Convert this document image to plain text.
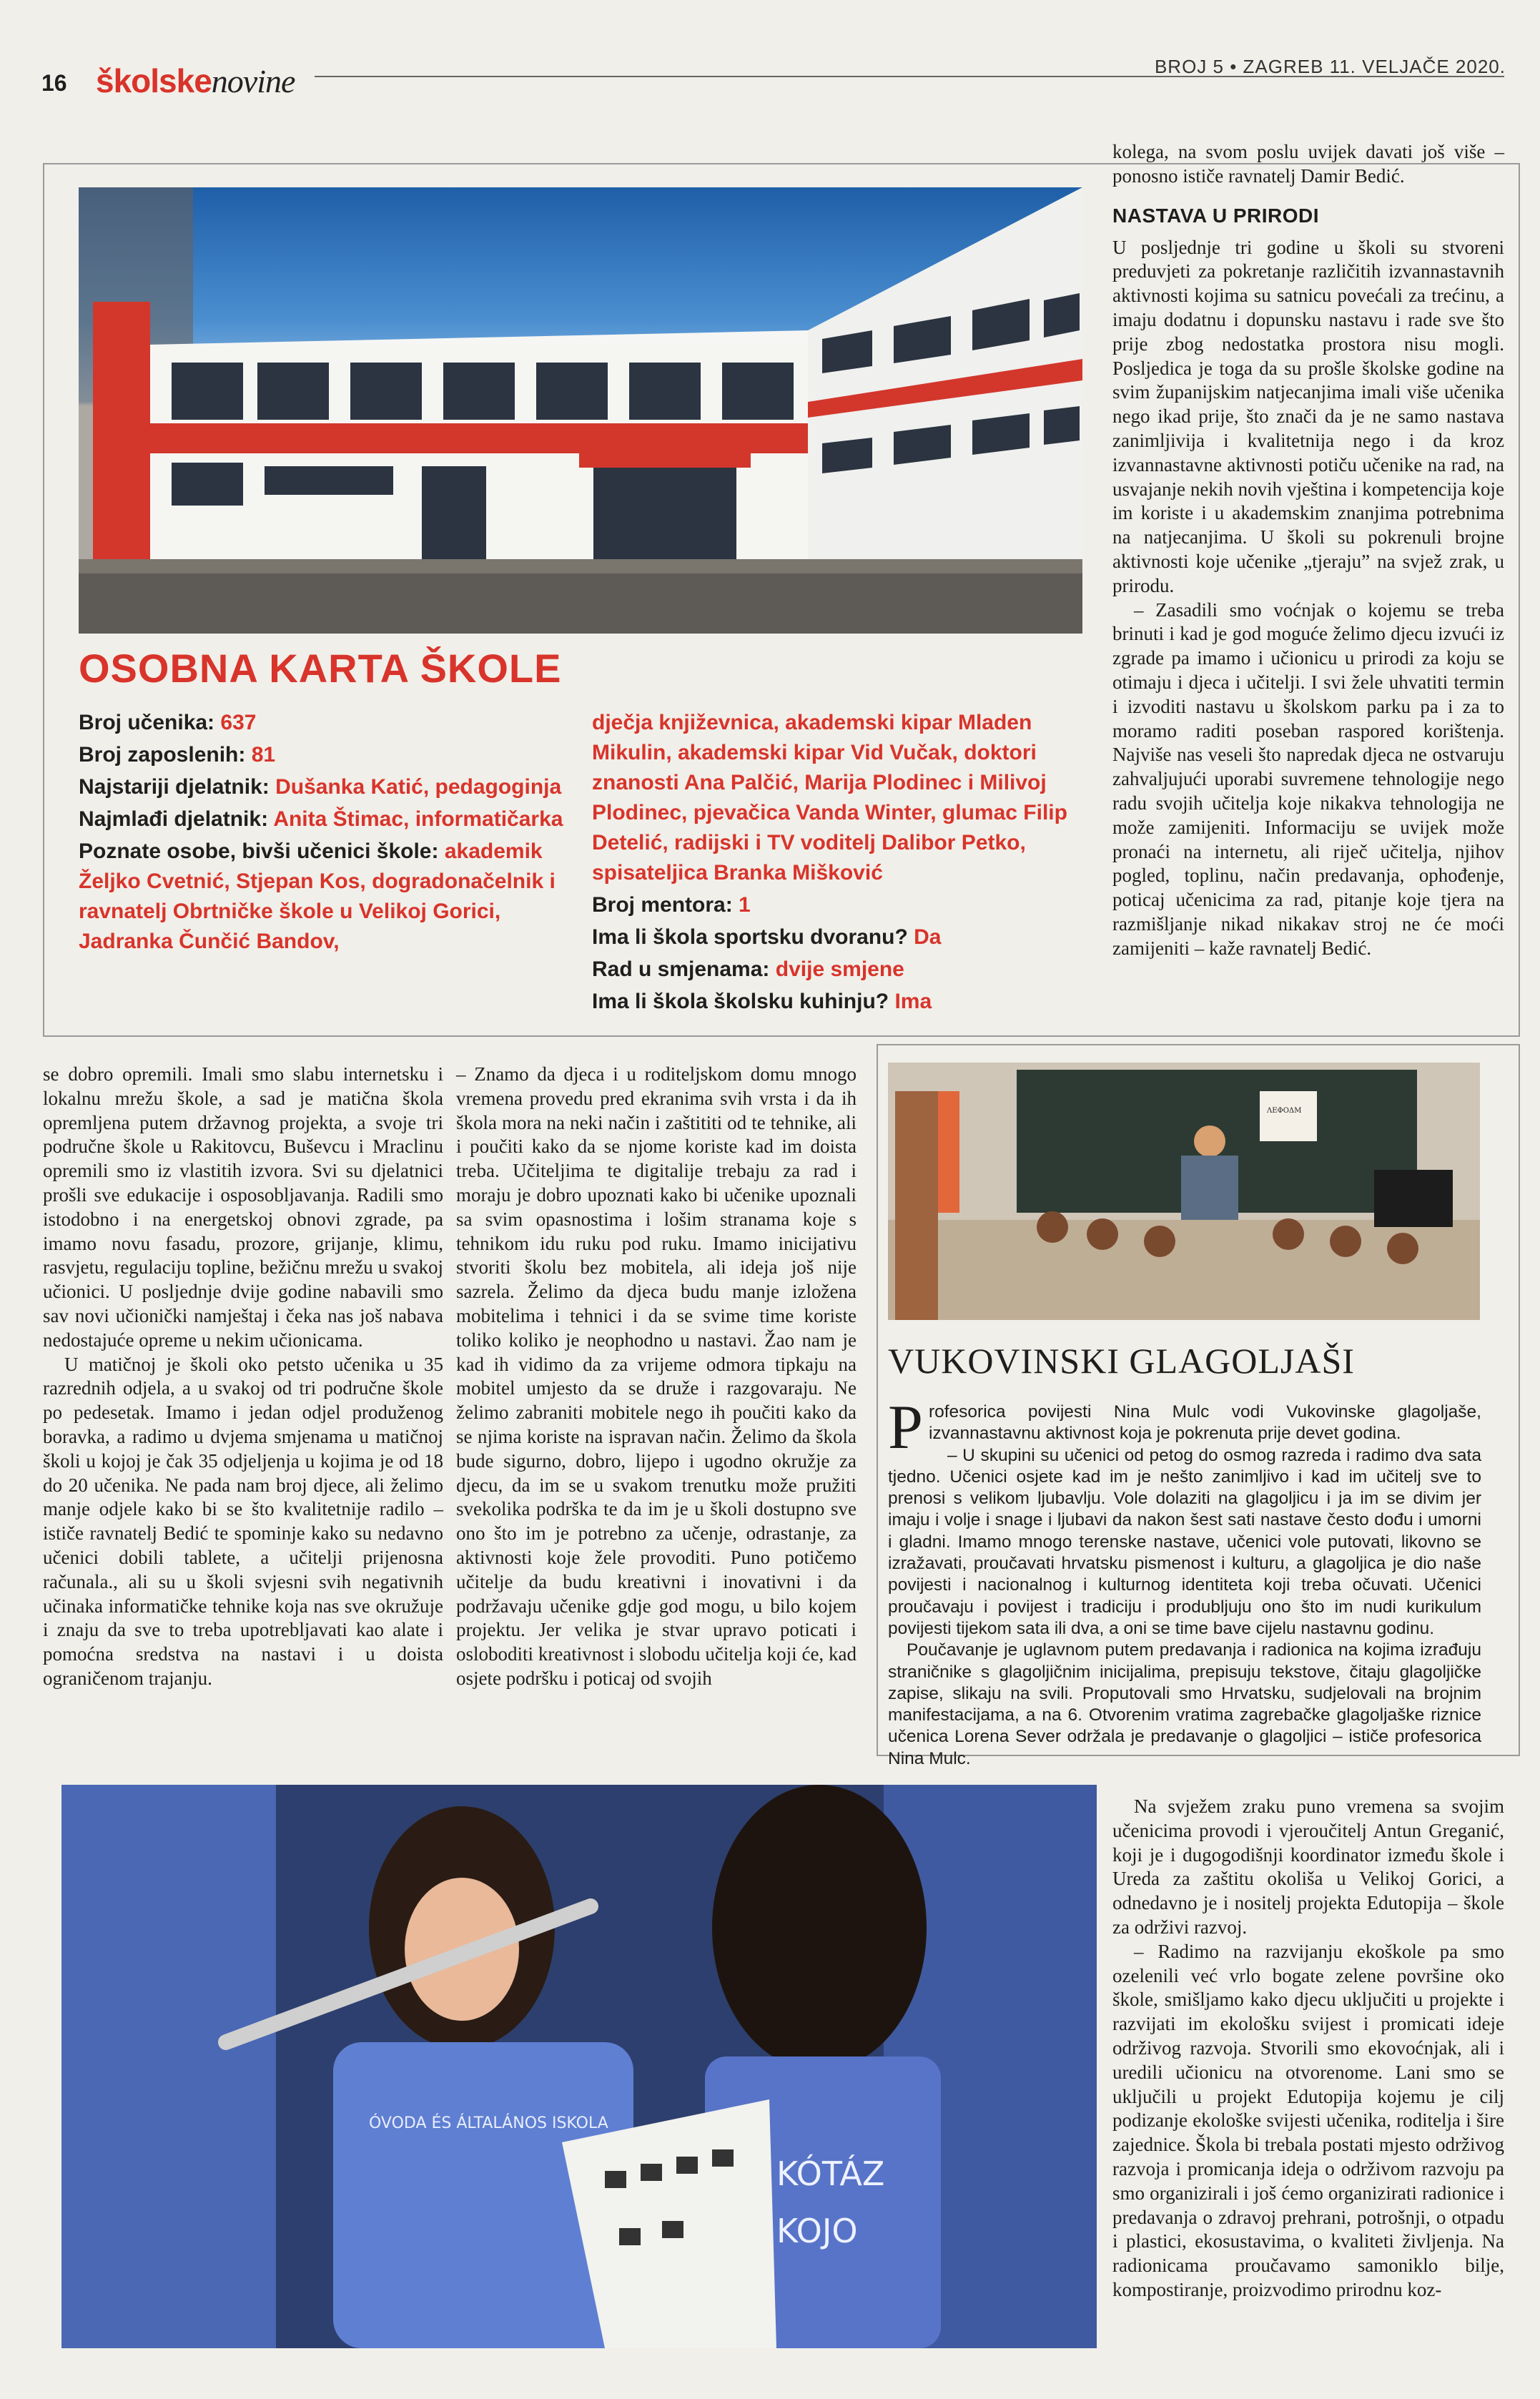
16 školskenovine	BROJ 5 • ZAGREB 11. VELJAČE 2020.
OSOBNA KARTA ŠKOLE

Broj učenika: 637

Broj zaposlenih: 81

Najstariji djelatnik: Dušanka Katić, pedagoginja

Najmlađi djelatnik: Anita Štimac, informatičarka

Poznate osobe, bivši učenici škole: akademik Željko Cvetnić, Stjepan Kos, dogradonačelnik i ravnatelj Obrtničke škole u Velikoj Gorici, Jadranka Čunčić Bandov,

dječja književnica, akademski kipar Mladen Mikulin, akademski kipar Vid Vučak, doktori znanosti Ana Palčić, Marija Plodinec i Milivoj Plodinec, pjevačica Vanda Winter, glumac Filip Detelić, radijski i TV voditelj Dalibor Petko, spisateljica Branka Mišković

Broj mentora: 1

Ima li škola sportsku dvoranu? Da

Rad u smjenama: dvije smjene

Ima li škola školsku kuhinju? Ima

kolega, na svom poslu uvijek davati još više – ponosno ističe ravnatelj Damir Bedić.

NASTAVA U PRIRODI

U posljednje tri godine u školi su stvoreni preduvjeti za pokretanje različitih izvannastavnih aktivnosti kojima su satnicu povećali za trećinu, a imaju dodatnu i dopunsku nastavu i rade sve što prije zbog nedostatka prostora nisu mogli. Posljedica je toga da su prošle školske godine na svim županijskim natjecanjima imali više učenika nego ikad prije, što znači da je ne samo nastava zanimljivija i kvalitetnija nego i da kroz izvannastavne aktivnosti potiču učenike na rad, na usvajanje nekih novih vještina i kompetencija koje im koriste i u akademskim znanjima potrebnima na natjecanjima. U školi su pokrenuli brojne aktivnosti koje učenike „tjeraju” na svjež zrak, u prirodu.

– Zasadili smo voćnjak o kojemu se treba brinuti i kad je god moguće želimo djecu izvući iz zgrade pa imamo i učionicu u prirodi za koju se otimaju i djeca i učitelji. I svi žele uhvatiti termin i izvoditi nastavu u školskom parku pa i za to moramo raditi poseban raspored korištenja. Najviše nas veseli što napredak djeca ne ostvaruju zahvaljujući uporabi suvremene tehnologije nego radu svojih učitelja koje nikakva tehnologija ne može zamijeniti. Informaciju se uvijek može pronaći na internetu, ali riječ učitelja, njihov pogled, toplinu, način predavanja, ophođenje, poticaj učenicima za rad, pitanje koje tjera na razmišljanje nikad nikakav stroj ne će moći zamijeniti – kaže ravnatelj Bedić.

se dobro opremili. Imali smo slabu internetsku i lokalnu mrežu škole, a sad je matična škola opremljena putem državnog projekta, a svoje tri područne škole u Rakitovcu, Buševcu i Mraclinu opremili smo iz vlastitih izvora. Svi su djelatnici prošli sve edukacije i osposobljavanja. Radili smo istodobno i na energetskoj obnovi zgrade, pa imamo novu fasadu, prozore, grijanje, klimu, rasvjetu, regulaciju topline, bežičnu mrežu u svakoj učionici. U posljednje dvije godine nabavili smo sav novi učionički namještaj i čeka nas još nabava nedostajuće opreme u nekim učionicama.

U matičnoj je školi oko petsto učenika u 35 razrednih odjela, a u svakoj od tri područne škole po pedesetak. Imamo i jedan odjel produženog boravka, a radimo u dvjema smjenama u matičnoj školi u kojoj je čak 35 odjeljenja u kojima je od 18 do 20 učenika. Ne pada nam broj djece, ali želimo manje odjele kako bi se što kvalitetnije radilo – ističe ravnatelj Bedić te spominje kako su nedavno učenici dobili tablete, a učitelji prijenosna računala., ali su u školi svjesni svih negativnih učinaka informatičke tehnike koja nas sve okružuje i znaju da sve to treba upotrebljavati kao alate i pomoćna sredstva na nastavi i u doista ograničenom trajanju.

– Znamo da djeca i u roditeljskom domu mnogo vremena provedu pred ekranima svih vrsta i da ih škola mora na neki način i zaštititi od te tehnike, ali i poučiti kako da se njome koriste kad im doista treba. Učiteljima te digitalije trebaju za rad i moraju je dobro upoznati kako bi učenike upoznali sa svim opasnostima i lošim stranama koje s tehnikom idu ruku pod ruku. Imamo inicijativu stvoriti školu bez mobitela, ali ideja još nije sazrela. Želimo da djeca budu manje izložena mobitelima i tehnici i da se svime time koriste toliko koliko je neophodno u nastavi. Žao nam je kad ih vidimo da za vrijeme odmora tipkaju na mobitel umjesto da se druže i razgovaraju. Ne želimo zabraniti mobitele nego ih poučiti kako da se njima koriste na ispravan način. Želimo da škola bude sigurno, dobro, lijepo i ugodno okružje za djecu, da im se u svakom trenutku može pružiti svekolika podrška te da im je u školi dostupno sve ono što im je potrebno za učenje, odrastanje, za aktivnosti koje žele provoditi. Puno potičemo učitelje da budu kreativni i inovativni i da podržavaju učenike gdje god mogu, u bilo kojem projektu. Jer velika je stvar upravo poticati i osloboditi kreativnost i slobodu učitelja koji će, kad osjete podršku i poticaj od svojih

ΛΕΦΟΔΜ
VUKOVINSKI GLAGOLJAŠI

Profesorica povijesti Nina Mulc vodi Vukovinske glagoljaše, izvannastavnu aktivnost koja je pokrenuta prije devet godina.

– U skupini su učenici od petog do osmog razreda i radimo dva sata tjedno. Učenici osjete kad im je nešto zanimljivo i kad im učitelj sve to prenosi s velikom ljubavlju. Vole dolaziti na glagoljicu i ja im se divim jer imaju i volje i snage i ljubavi da nakon šest sati nastave često dođu i umorni i gladni. Imamo mnogo terenske nastave, učenici vole putovati, likovno se izražavati, proučavati hrvatsku pismenost i kulturu, a glagoljica je dio naše povijesti i nacionalnog i kulturnog identiteta koji treba očuvati. Učenici proučavaju i povijest i tradiciju i produbljuju ono što im nudi kurikulum povijesti tijekom sata ili dva, a oni se time bave cijelu nastavnu godinu.

Poučavanje je uglavnom putem predavanja i radionica na kojima izrađuju straničnike s glagoljičnim inicijalima, prepisuju tekstove, čitaju glagoljičke zapise, slikaju na svili. Proputovali smo Hrvatsku, sudjelovali na brojnim manifestacijama, a na 6. Otvorenim vratima zagrebačke glagoljaške riznice učenica Lorena Sever održala je predavanje o glagoljici – ističe profesorica Nina Mulc.

ÓVODA ÉS ÁLTALÁNOS ISKOLA
KÓTÁZ
KOJO

Na svježem zraku puno vremena sa svojim učenicima provodi i vjeroučitelj Antun Greganić, koji je i dugogodišnji koordinator između škole i Ureda za zaštitu okoliša u Velikoj Gorici, a odnedavno je i nositelj projekta Edutopija – škole za održivi razvoj.

– Radimo na razvijanju ekoškole pa smo ozelenili već vrlo bogate zelene površine oko škole, smišljamo kako djecu uključiti u projekte i razvijati im ekološku svijest i promicati ideje održivog razvoja. Stvorili smo ekovoćnjak, ali i uredili učionicu na otvorenome. Lani smo se uključili u projekt Edutopija kojemu je cilj podizanje ekološke svijesti učenika, roditelja i šire zajednice. Škola bi trebala postati mjesto održivog razvoja i promicanja ideja o održivom razvoju pa smo organizirali i još ćemo organizirati radionice i predavanja o zdravoj prehrani, potrošnji, o otpadu i plastici, ekosustavima, o kvaliteti življenja. Na radionicama proučavamo samoniklo bilje, kompostiranje, proizvodimo prirodnu koz-
